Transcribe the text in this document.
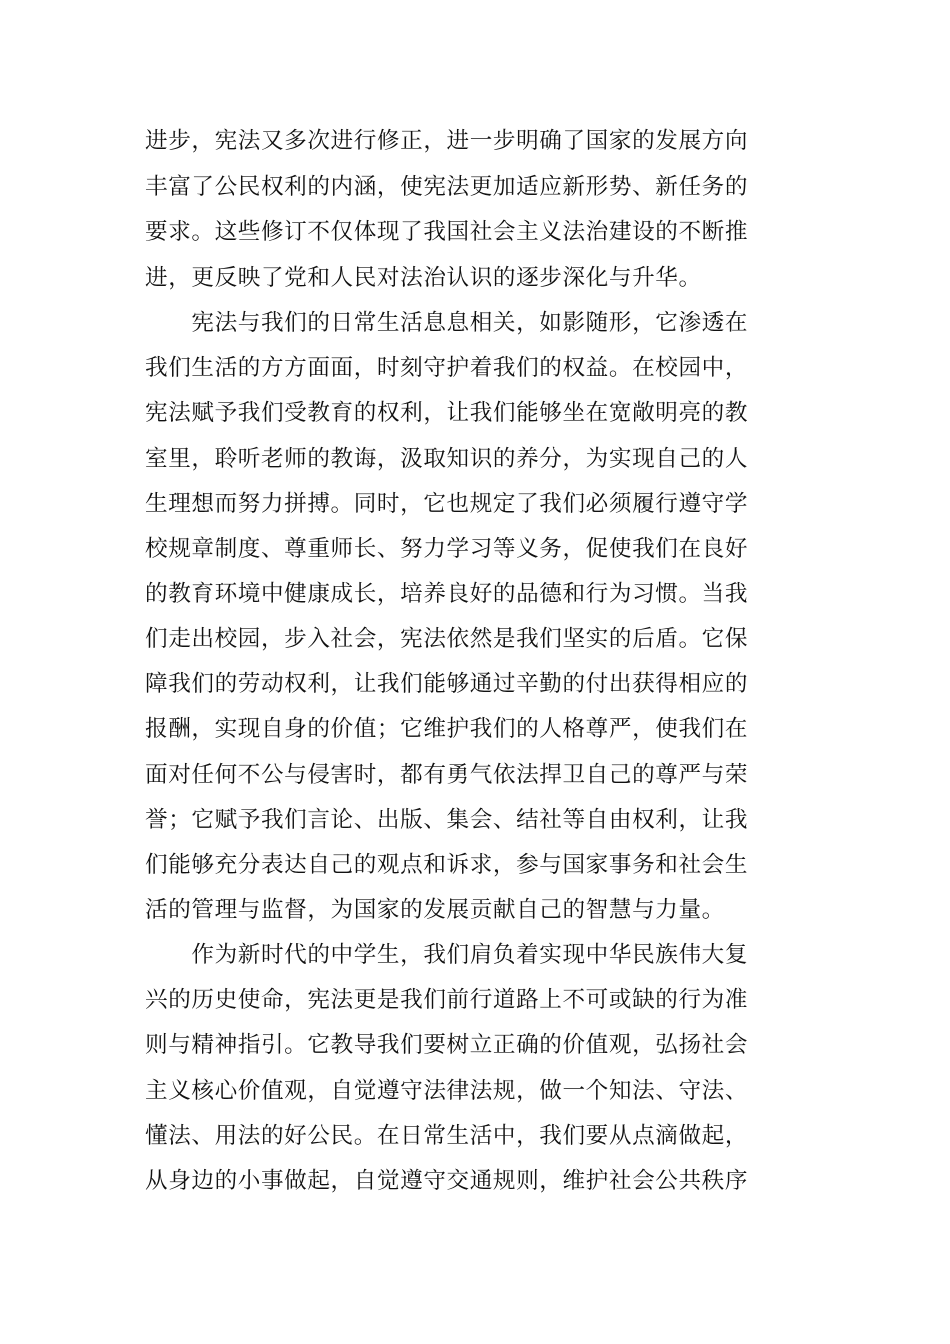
进步，宪法又多次进行修正，进一步明确了国家的发展方向
丰富了公民权利的内涵，使宪法更加适应新形势、新任务的
要求。这些修订不仅体现了我国社会主义法治建设的不断推
进，更反映了党和人民对法治认识的逐步深化与升华。
　　宪法与我们的日常生活息息相关，如影随形，它渗透在
我们生活的方方面面，时刻守护着我们的权益。在校园中，
宪法赋予我们受教育的权利，让我们能够坐在宽敞明亮的教
室里，聆听老师的教诲，汲取知识的养分，为实现自己的人
生理想而努力拼搏。同时，它也规定了我们必须履行遵守学
校规章制度、尊重师长、努力学习等义务，促使我们在良好
的教育环境中健康成长，培养良好的品德和行为习惯。当我
们走出校园，步入社会，宪法依然是我们坚实的后盾。它保
障我们的劳动权利，让我们能够通过辛勤的付出获得相应的
报酬，实现自身的价值；它维护我们的人格尊严，使我们在
面对任何不公与侵害时，都有勇气依法捍卫自己的尊严与荣
誉；它赋予我们言论、出版、集会、结社等自由权利，让我
们能够充分表达自己的观点和诉求，参与国家事务和社会生
活的管理与监督，为国家的发展贡献自己的智慧与力量。
　　作为新时代的中学生，我们肩负着实现中华民族伟大复
兴的历史使命，宪法更是我们前行道路上不可或缺的行为准
则与精神指引。它教导我们要树立正确的价值观，弘扬社会
主义核心价值观，自觉遵守法律法规，做一个知法、守法、
懂法、用法的好公民。在日常生活中，我们要从点滴做起，
从身边的小事做起，自觉遵守交通规则，维护社会公共秩序
